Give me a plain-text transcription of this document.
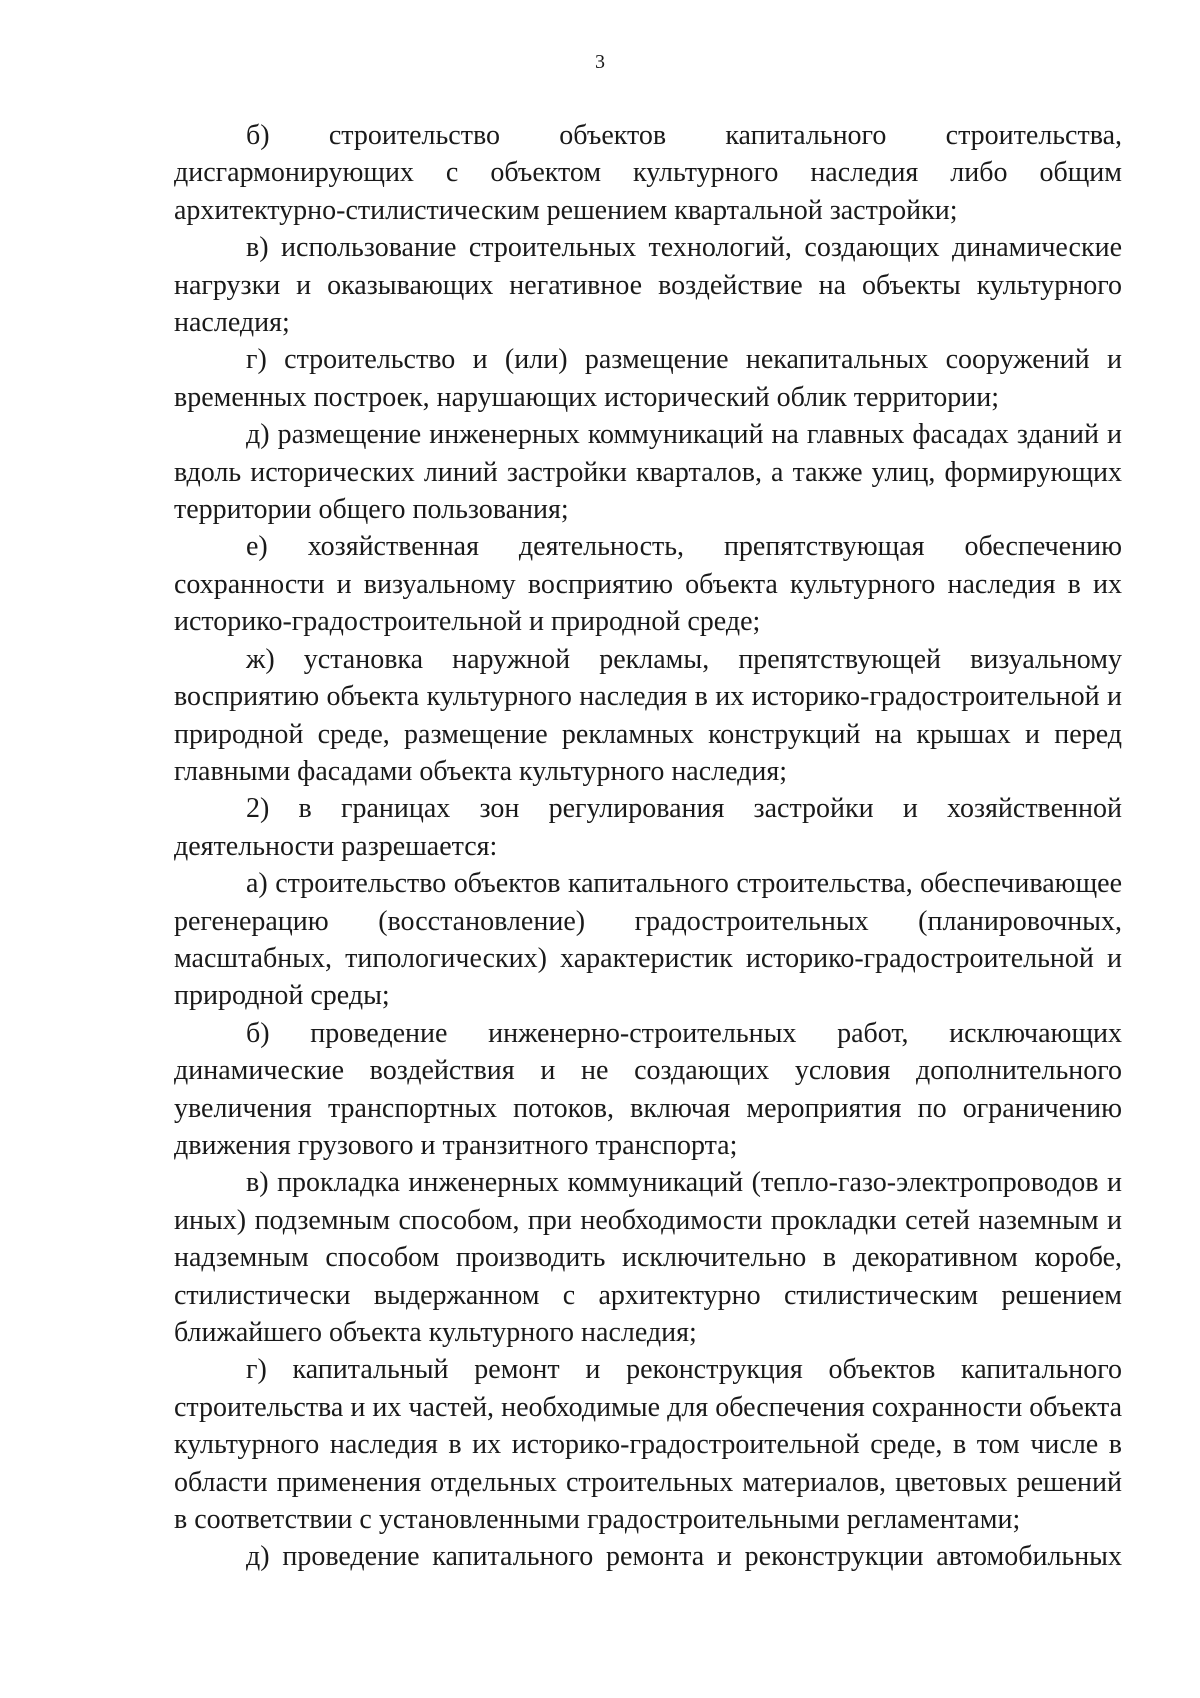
3

б) строительство объектов капитального строительства, дисгармонирующих с объектом культурного наследия либо общим архитектурно-стилистическим решением квартальной застройки;

в) использование строительных технологий, создающих динамические нагрузки и оказывающих негативное воздействие на объекты культурного наследия;

г) строительство и (или) размещение некапитальных сооружений и временных построек, нарушающих исторический облик территории;

д) размещение инженерных коммуникаций на главных фасадах зданий и вдоль исторических линий застройки кварталов, а также улиц, формирующих территории общего пользования;

е) хозяйственная деятельность, препятствующая обеспечению сохранности и визуальному восприятию объекта культурного наследия в их историко-градостроительной и природной среде;

ж) установка наружной рекламы, препятствующей визуальному восприятию объекта культурного наследия в их историко-градостроительной и природной среде, размещение рекламных конструкций на крышах и перед главными фасадами объекта культурного наследия;

2) в границах зон регулирования застройки и хозяйственной деятельности разрешается:

а) строительство объектов капитального строительства, обеспечивающее регенерацию (восстановление) градостроительных (планировочных, масштабных, типологических) характеристик историко-градостроительной и природной среды;

б) проведение инженерно-строительных работ, исключающих динамические воздействия и не создающих условия дополнительного увеличения транспортных потоков, включая мероприятия по ограничению движения грузового и транзитного транспорта;

в) прокладка инженерных коммуникаций (тепло-газо-электропроводов и иных) подземным способом, при необходимости прокладки сетей наземным и надземным способом производить исключительно в декоративном коробе, стилистически выдержанном с архитектурно стилистическим решением ближайшего объекта культурного наследия;

г) капитальный ремонт и реконструкция объектов капитального строительства и их частей, необходимые для обеспечения сохранности объекта культурного наследия в их историко-градостроительной среде, в том числе в области применения отдельных строительных материалов, цветовых решений в соответствии с установленными градостроительными регламентами;

д) проведение капитального ремонта и реконструкции автомобильных
